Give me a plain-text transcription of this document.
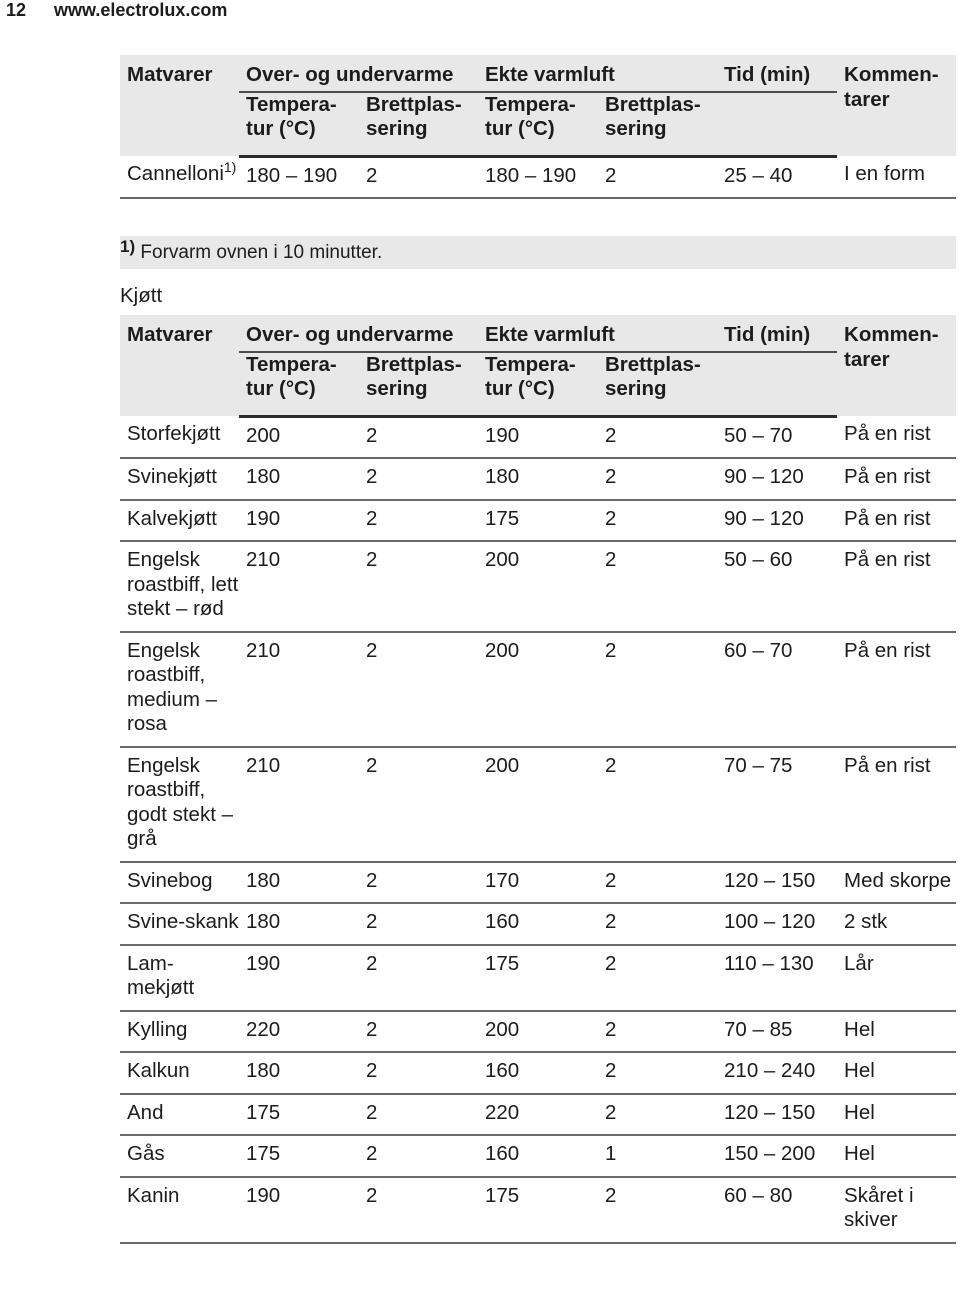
12 www.electrolux.com
Matvarer	Over- og undervarme		Ekte varmluft		Tid (min)	Kommen-tarer
	Tempera-tur (°C)	Brettplas-sering	Tempera-tur (°C)	Brettplas-sering		
Cannelloni$^{1)}$	180 – 190	2	180 – 190	2	25 – 40	I en form
$^{1)}$ Forvarm ovnen i 10 minutter.
Kjøtt
Matvarer	Over- og undervarme		Ekte varmluft		Tid (min)	Kommen-tarer
	Tempera-tur (°C)	Brettplas-sering	Tempera-tur (°C)	Brettplas-sering		
Storfekjøtt	200	2	190	2	50 – 70	På en rist
Svinekjøtt	180	2	180	2	90 – 120	På en rist
Kalvekjøtt	190	2	175	2	90 – 120	På en rist
Engelsk roastbiff, lett stekt – rød	210	2	200	2	50 – 60	På en rist
Engelsk roastbiff, medium – rosa	210	2	200	2	60 – 70	På en rist
Engelsk roastbiff, godt stekt – grå	210	2	200	2	70 – 75	På en rist
Svinebog	180	2	170	2	120 – 150	Med skorpe
Svine-skank	180	2	160	2	100 – 120	2 stk
Lam-mekjøtt	190	2	175	2	110 – 130	Lår
Kylling	220	2	200	2	70 – 85	Hel
Kalkun	180	2	160	2	210 – 240	Hel
And	175	2	220	2	120 – 150	Hel
Gås	175	2	160	1	150 – 200	Hel
Kanin	190	2	175	2	60 – 80	Skåret i skiver
